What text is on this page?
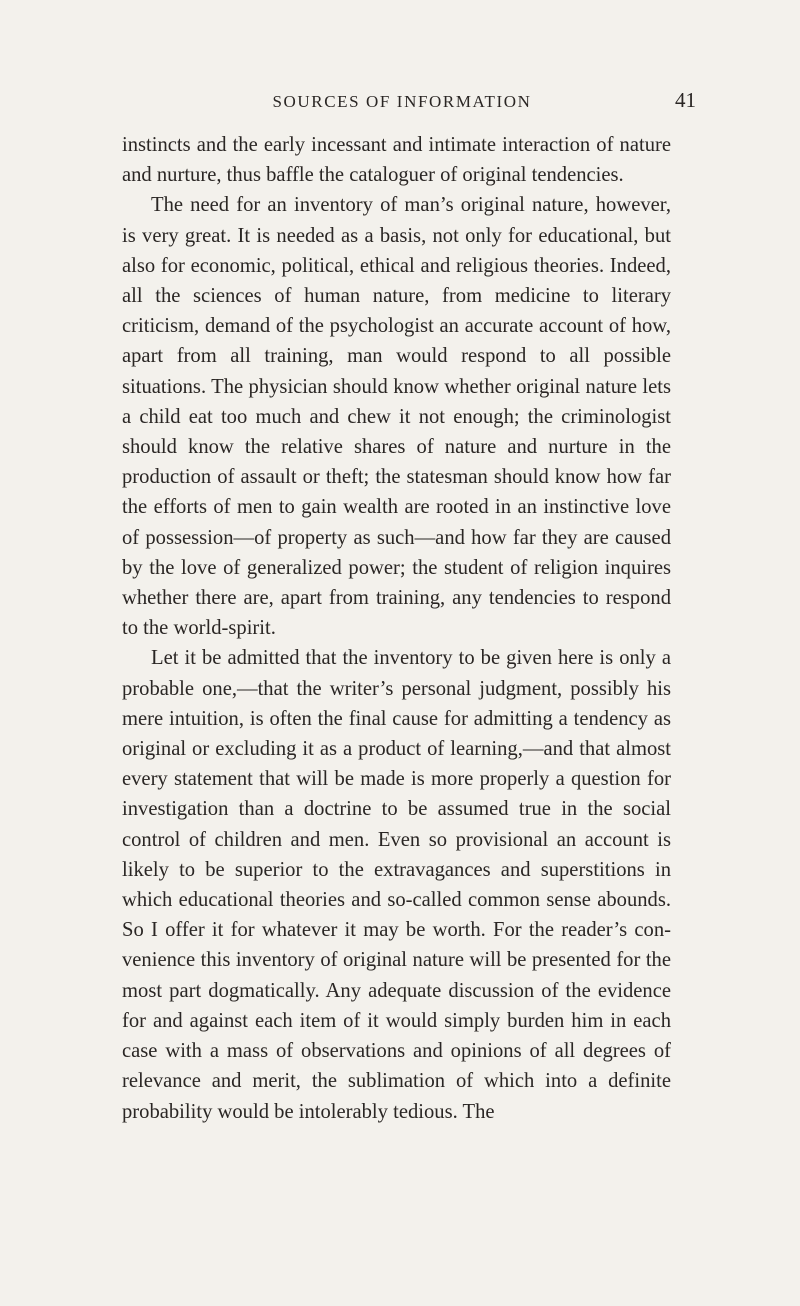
SOURCES OF INFORMATION	41

instincts and the early incessant and intimate interaction of nature and nurture, thus baffle the cataloguer of original tendencies.

The need for an inventory of man’s original nature, however, is very great. It is needed as a basis, not only for educational, but also for economic, political, ethical and religious theories. Indeed, all the sciences of human nature, from medicine to literary criticism, demand of the psychologist an accurate account of how, apart from all training, man would respond to all possible situations. The physician should know whether original nature lets a child eat too much and chew it not enough; the criminologist should know the relative shares of nature and nurture in the production of assault or theft; the statesman should know how far the efforts of men to gain wealth are rooted in an instinctive love of possession—of property as such—and how far they are caused by the love of generalized power; the student of religion inquires whether there are, apart from training, any tendencies to respond to the world-spirit.

Let it be admitted that the inventory to be given here is only a probable one,—that the writer’s personal judgment, possibly his mere intuition, is often the final cause for admitting a tendency as original or excluding it as a product of learning,—and that almost every statement that will be made is more properly a question for investigation than a doctrine to be assumed true in the social control of children and men. Even so provisional an account is likely to be superior to the extravagances and superstitions in which educational theories and so-called common sense abounds. So I offer it for whatever it may be worth. For the reader’s convenience this inventory of original nature will be presented for the most part dogmatically. Any adequate discussion of the evidence for and against each item of it would simply burden him in each case with a mass of observations and opinions of all degrees of relevance and merit, the sublimation of which into a definite probability would be intolerably tedious. The
